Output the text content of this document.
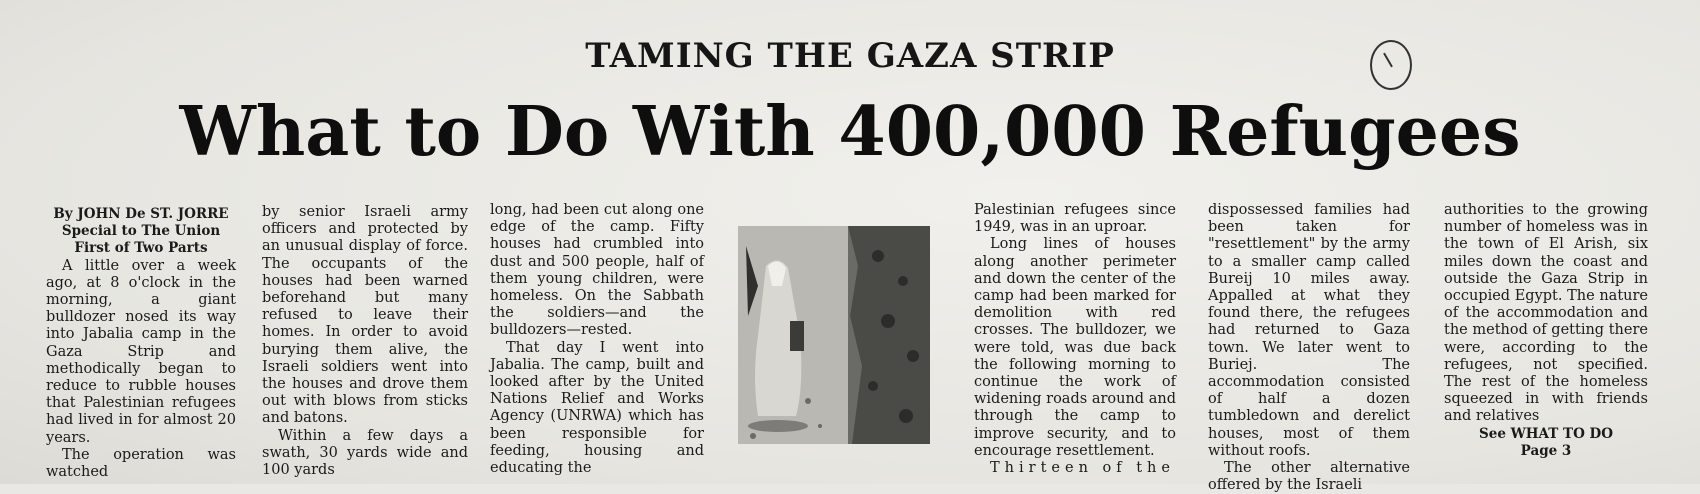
TAMING THE GAZA STRIP
What to Do With 400,000 Refugees

By JOHN De ST. JORRE

Special to The Union

First of Two Parts

A little over a week ago, at 8 o'clock in the morning, a giant bulldozer nosed its way into Jabalia camp in the Gaza Strip and methodically began to reduce to rubble houses that Palestinian refugees had lived in for almost 20 years.

The operation was watched

by senior Israeli army officers and protected by an unusual display of force. The occupants of the houses had been warned beforehand but many refused to leave their homes. In order to avoid burying them alive, the Israeli soldiers went into the houses and drove them out with blows from sticks and batons.

Within a few days a swath, 30 yards wide and 100 yards

long, had been cut along one edge of the camp. Fifty houses had crumbled into dust and 500 people, half of them young children, were homeless. On the Sabbath the soldiers—and the bulldozers—rested.

That day I went into Jabalia. The camp, built and looked after by the United Nations Relief and Works Agency (UNRWA) which has been responsible for feeding, housing and educating the

Palestinian refugees since 1949, was in an uproar.

Long lines of houses along another perimeter and down the center of the camp had been marked for demolition with red crosses. The bulldozer, we were told, was due back the following morning to continue the work of widening roads around and through the camp to improve security, and to encourage resettlement.

Thirteen of the

dispossessed families had been taken for "resettlement" by the army to a smaller camp called Bureij 10 miles away. Appalled at what they found there, the refugees had returned to Gaza town. We later went to Buriej. The accommodation consisted of half a dozen tumbledown and derelict houses, most of them without roofs.

The other alternative offered by the Israeli

authorities to the growing number of homeless was in the town of El Arish, six miles down the coast and outside the Gaza Strip in occupied Egypt. The nature of the accommodation and the method of getting there were, according to the refugees, not specified. The rest of the homeless squeezed in with friends and relatives

See WHAT TO DO

Page 3
